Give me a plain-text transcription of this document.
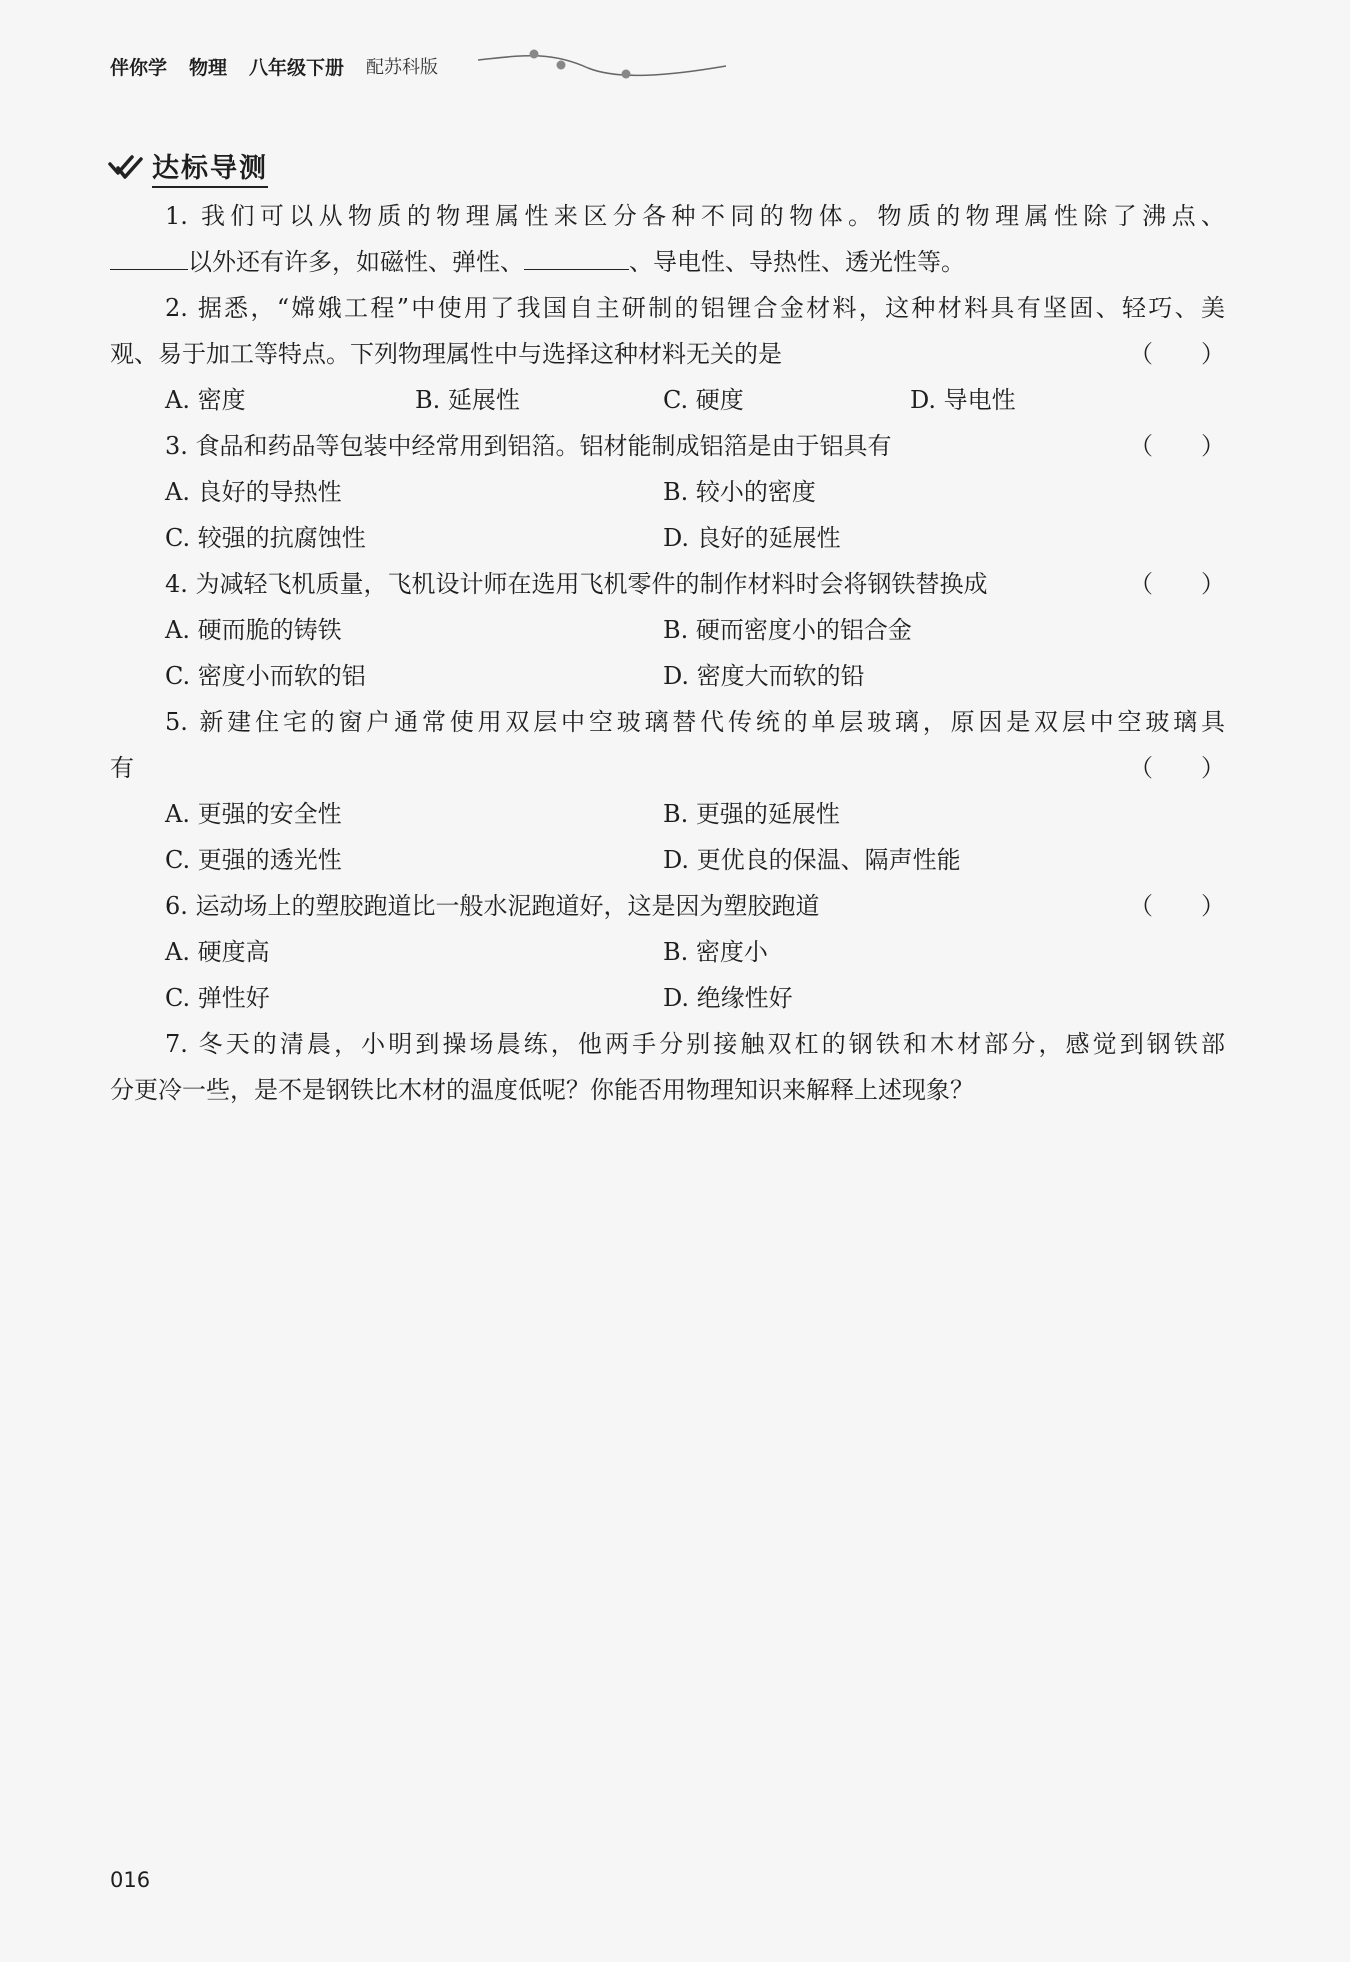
伴你学 物理 八年级下册 配苏科版
达标导测
1. 我们可以从物质的物理属性来区分各种不同的物体。物质的物理属性除了沸点、
以外还有许多，如磁性、弹性、	、导电性、导热性、透光性等。
2. 据悉，“嫦娥工程”中使用了我国自主研制的铝锂合金材料，这种材料具有坚固、轻巧、美
观、易于加工等特点。下列物理属性中与选择这种材料无关的是	（　　）
A. 密度	B. 延展性	C. 硬度	D. 导电性
3. 食品和药品等包装中经常用到铝箔。铝材能制成铝箔是由于铝具有	（　　）
A. 良好的导热性	B. 较小的密度
C. 较强的抗腐蚀性	D. 良好的延展性
4. 为减轻飞机质量，飞机设计师在选用飞机零件的制作材料时会将钢铁替换成	（　　）
A. 硬而脆的铸铁	B. 硬而密度小的铝合金
C. 密度小而软的铝	D. 密度大而软的铅
5. 新建住宅的窗户通常使用双层中空玻璃替代传统的单层玻璃，原因是双层中空玻璃具
有	（　　）
A. 更强的安全性	B. 更强的延展性
C. 更强的透光性	D. 更优良的保温、隔声性能
6. 运动场上的塑胶跑道比一般水泥跑道好，这是因为塑胶跑道	（　　）
A. 硬度高	B. 密度小
C. 弹性好	D. 绝缘性好
7. 冬天的清晨，小明到操场晨练，他两手分别接触双杠的钢铁和木材部分，感觉到钢铁部
分更冷一些，是不是钢铁比木材的温度低呢？你能否用物理知识来解释上述现象？
016
